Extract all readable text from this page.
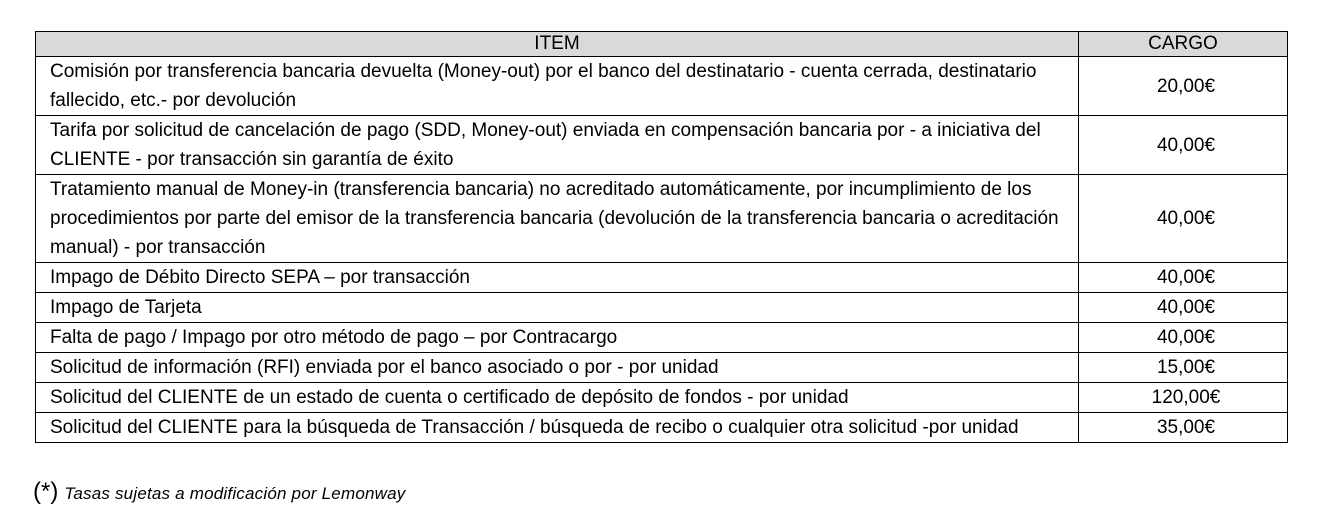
ITEM	CARGO
Comisión por transferencia bancaria devuelta (Money-out) por el banco del destinatario - cuenta cerrada, destinatario fallecido, etc.- por devolución	20,00€
Tarifa por solicitud de cancelación de pago (SDD, Money-out) enviada en compensación bancaria por - a iniciativa del CLIENTE - por transacción sin garantía de éxito	40,00€
Tratamiento manual de Money-in (transferencia bancaria) no acreditado automáticamente, por incumplimiento de los procedimientos por parte del emisor de la transferencia bancaria (devolución de la transferencia bancaria o acreditación manual) - por transacción	40,00€
Impago de Débito Directo SEPA – por transacción	40,00€
Impago de Tarjeta	40,00€
Falta de pago / Impago por otro método de pago – por Contracargo	40,00€
Solicitud de información (RFI) enviada por el banco asociado o por - por unidad	15,00€
Solicitud del CLIENTE de un estado de cuenta o certificado de depósito de fondos - por unidad	120,00€
Solicitud del CLIENTE para la búsqueda de Transacción / búsqueda de recibo o cualquier otra solicitud -por unidad	35,00€
(*) Tasas sujetas a modificación por Lemonway
